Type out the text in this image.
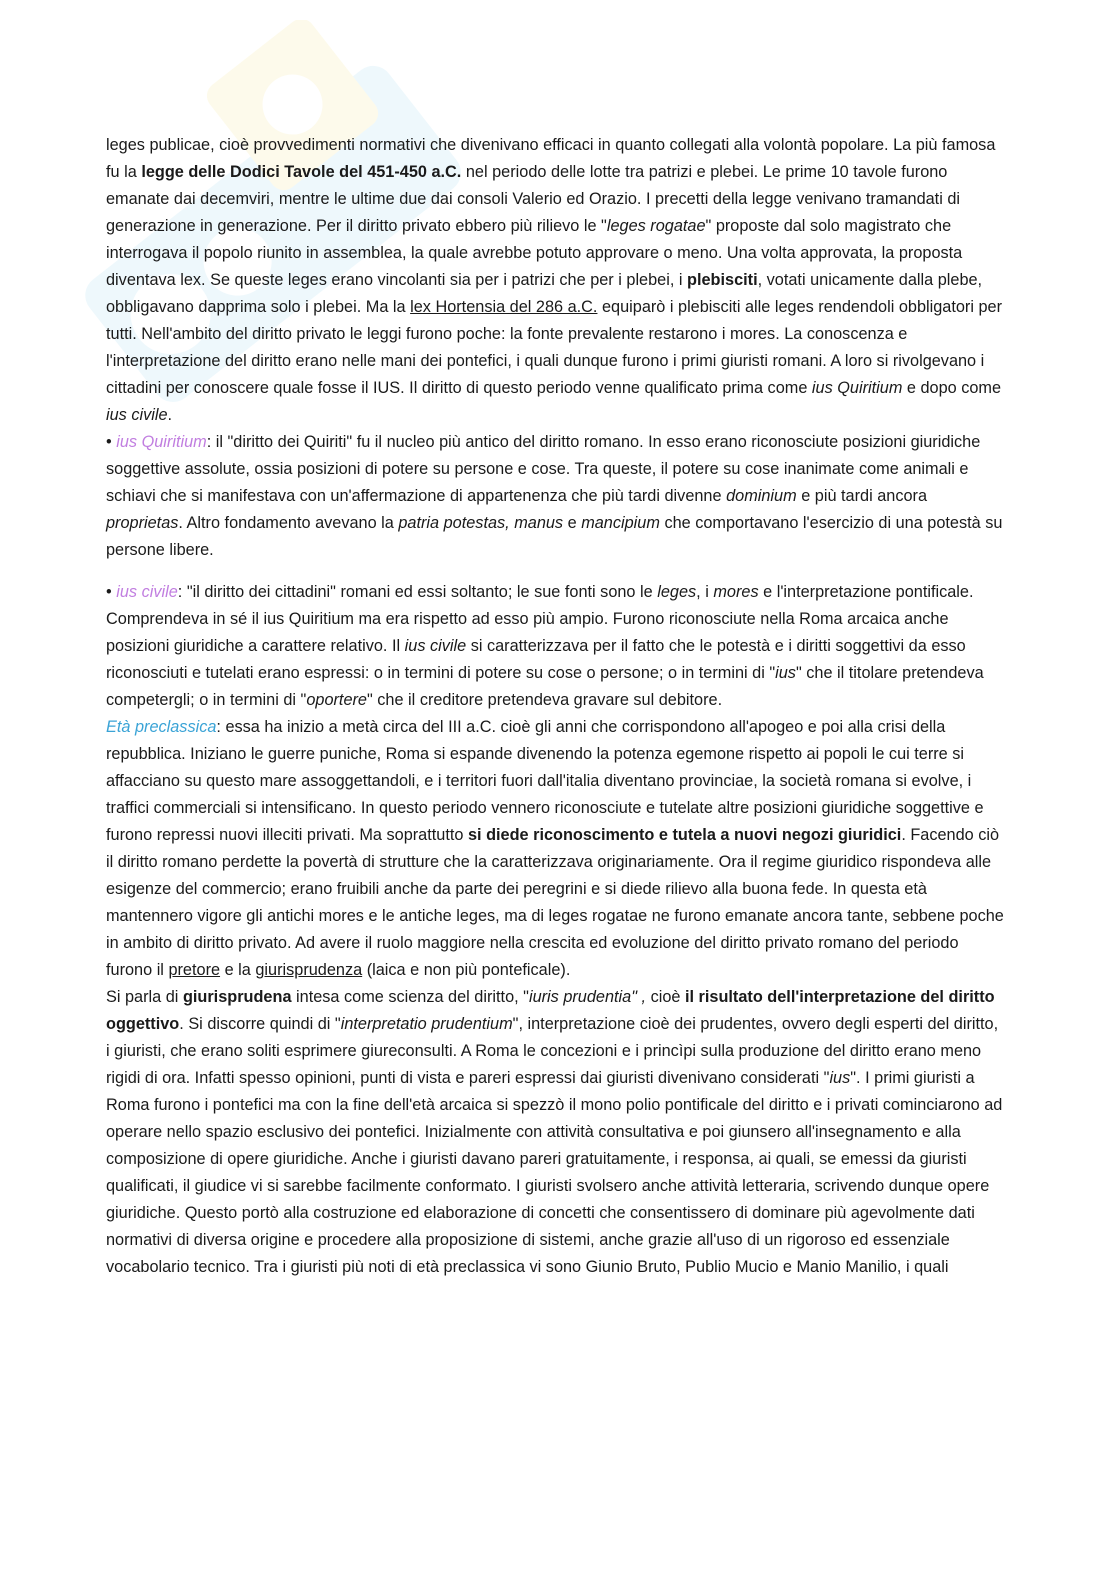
leges publicae, cioè provvedimenti normativi che divenivano efficaci in quanto collegati alla volontà popolare. La più famosa fu la legge delle Dodici Tavole del 451-450 a.C. nel periodo delle lotte tra patrizi e plebei. Le prime 10 tavole furono emanate dai decemviri, mentre le ultime due dai consoli Valerio ed Orazio. I precetti della legge venivano tramandati di generazione in generazione. Per il diritto privato ebbero più rilievo le "leges rogatae" proposte dal solo magistrato che interrogava il popolo riunito in assemblea, la quale avrebbe potuto approvare o meno. Una volta approvata, la proposta diventava lex. Se queste leges erano vincolanti sia per i patrizi che per i plebei, i plebisciti, votati unicamente dalla plebe, obbligavano dapprima solo i plebei. Ma la lex Hortensia del 286 a.C. equiparò i plebisciti alle leges rendendoli obbligatori per tutti. Nell'ambito del diritto privato le leggi furono poche: la fonte prevalente restarono i mores. La conoscenza e l'interpretazione del diritto erano nelle mani dei pontefici, i quali dunque furono i primi giuristi romani. A loro si rivolgevano i cittadini per conoscere quale fosse il IUS. Il diritto di questo periodo venne qualificato prima come ius Quiritium e dopo come ius civile.

• ius Quiritium: il "diritto dei Quiriti" fu il nucleo più antico del diritto romano. In esso erano riconosciute posizioni giuridiche soggettive assolute, ossia posizioni di potere su persone e cose. Tra queste, il potere su cose inanimate come animali e schiavi che si manifestava con un'affermazione di appartenenza che più tardi divenne dominium e più tardi ancora proprietas. Altro fondamento avevano la patria potestas, manus e mancipium che comportavano l'esercizio di una potestà su persone libere.

• ius civile: "il diritto dei cittadini" romani ed essi soltanto; le sue fonti sono le leges, i mores e l'interpretazione pontificale. Comprendeva in sé il ius Quiritium ma era rispetto ad esso più ampio. Furono riconosciute nella Roma arcaica anche posizioni giuridiche a carattere relativo. Il ius civile si caratterizzava per il fatto che le potestà e i diritti soggettivi da esso riconosciuti e tutelati erano espressi: o in termini di potere su cose o persone; o in termini di "ius" che il titolare pretendeva competergli; o in termini di "oportere" che il creditore pretendeva gravare sul debitore.

Età preclassica: essa ha inizio a metà circa del III a.C. cioè gli anni che corrispondono all'apogeo e poi alla crisi della repubblica. Iniziano le guerre puniche, Roma si espande divenendo la potenza egemone rispetto ai popoli le cui terre si affacciano su questo mare assoggettandoli, e i territori fuori dall'italia diventano provinciae, la società romana si evolve, i traffici commerciali si intensificano. In questo periodo vennero riconosciute e tutelate altre posizioni giuridiche soggettive e furono repressi nuovi illeciti privati. Ma soprattutto si diede riconoscimento e tutela a nuovi negozi giuridici. Facendo ciò il diritto romano perdette la povertà di strutture che la caratterizzava originariamente. Ora il regime giuridico rispondeva alle esigenze del commercio; erano fruibili anche da parte dei peregrini e si diede rilievo alla buona fede. In questa età mantennero vigore gli antichi mores e le antiche leges, ma di leges rogatae ne furono emanate ancora tante, sebbene poche in ambito di diritto privato. Ad avere il ruolo maggiore nella crescita ed evoluzione del diritto privato romano del periodo furono il pretore e la giurisprudenza (laica e non più ponteficale).

Si parla di giurisprudena intesa come scienza del diritto, "iuris prudentia" , cioè il risultato dell'interpretazione del diritto oggettivo. Si discorre quindi di "interpretatio prudentium", interpretazione cioè dei prudentes, ovvero degli esperti del diritto, i giuristi, che erano soliti esprimere giureconsulti. A Roma le concezioni e i princìpi sulla produzione del diritto erano meno rigidi di ora. Infatti spesso opinioni, punti di vista e pareri espressi dai giuristi divenivano considerati "ius". I primi giuristi a Roma furono i pontefici ma con la fine dell'età arcaica si spezzò il mono polio pontificale del diritto e i privati cominciarono ad operare nello spazio esclusivo dei pontefici. Inizialmente con attività consultativa e poi giunsero all'insegnamento e alla composizione di opere giuridiche. Anche i giuristi davano pareri gratuitamente, i responsa, ai quali, se emessi da giuristi qualificati, il giudice vi si sarebbe facilmente conformato. I giuristi svolsero anche attività letteraria, scrivendo dunque opere giuridiche. Questo portò alla costruzione ed elaborazione di concetti che consentissero di dominare più agevolmente dati normativi di diversa origine e procedere alla proposizione di sistemi, anche grazie all'uso di un rigoroso ed essenziale vocabolario tecnico. Tra i giuristi più noti di età preclassica vi sono Giunio Bruto, Publio Mucio e Manio Manilio, i quali
